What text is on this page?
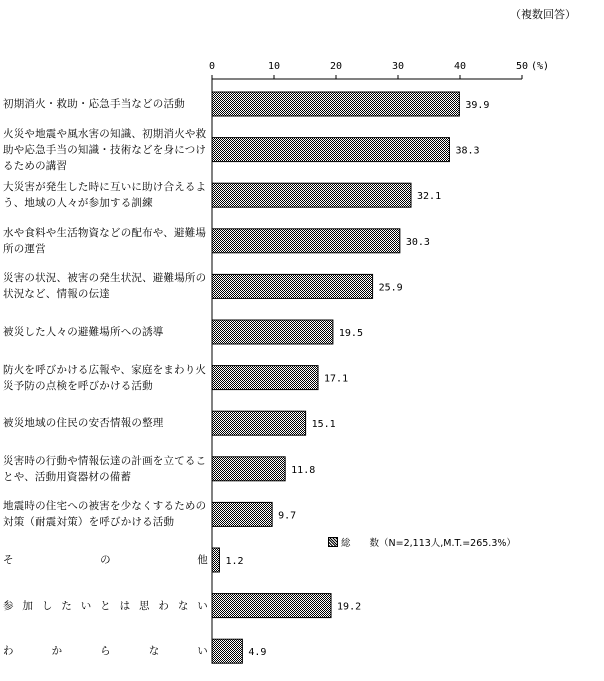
0	10	20	30	40	50 (%)
39.9
38.3
32.1
30.3
25.9
19.5
17.1
15.1
11.8
9.7
1.2
19.2
4.9
（複数回答）
初期消火・救助・応急手当などの活動
火災や地震や風水害の知識、初期消火や救助や応急手当の知識・技術などを身につけるための講習
大災害が発生した時に互いに助け合えるよう、地域の人々が参加する訓練
水や食料や生活物資などの配布や、避難場所の運営
災害の状況、被害の発生状況、避難場所の状況など、情報の伝達
被災した人々の避難場所への誘導
防火を呼びかける広報や、家庭をまわり火災予防の点検を呼びかける活動
被災地域の住民の安否情報の整理
災害時の行動や情報伝達の計画を立てることや、活動用資器材の備蓄
地震時の住宅への被害を少なくするための対策（耐震対策）を呼びかける活動
そ　　の　　他
参加したいとは思わない
わ　　か　　ら　　な　　い
総　　数（N=2,113人,M.T.=265.3%）
